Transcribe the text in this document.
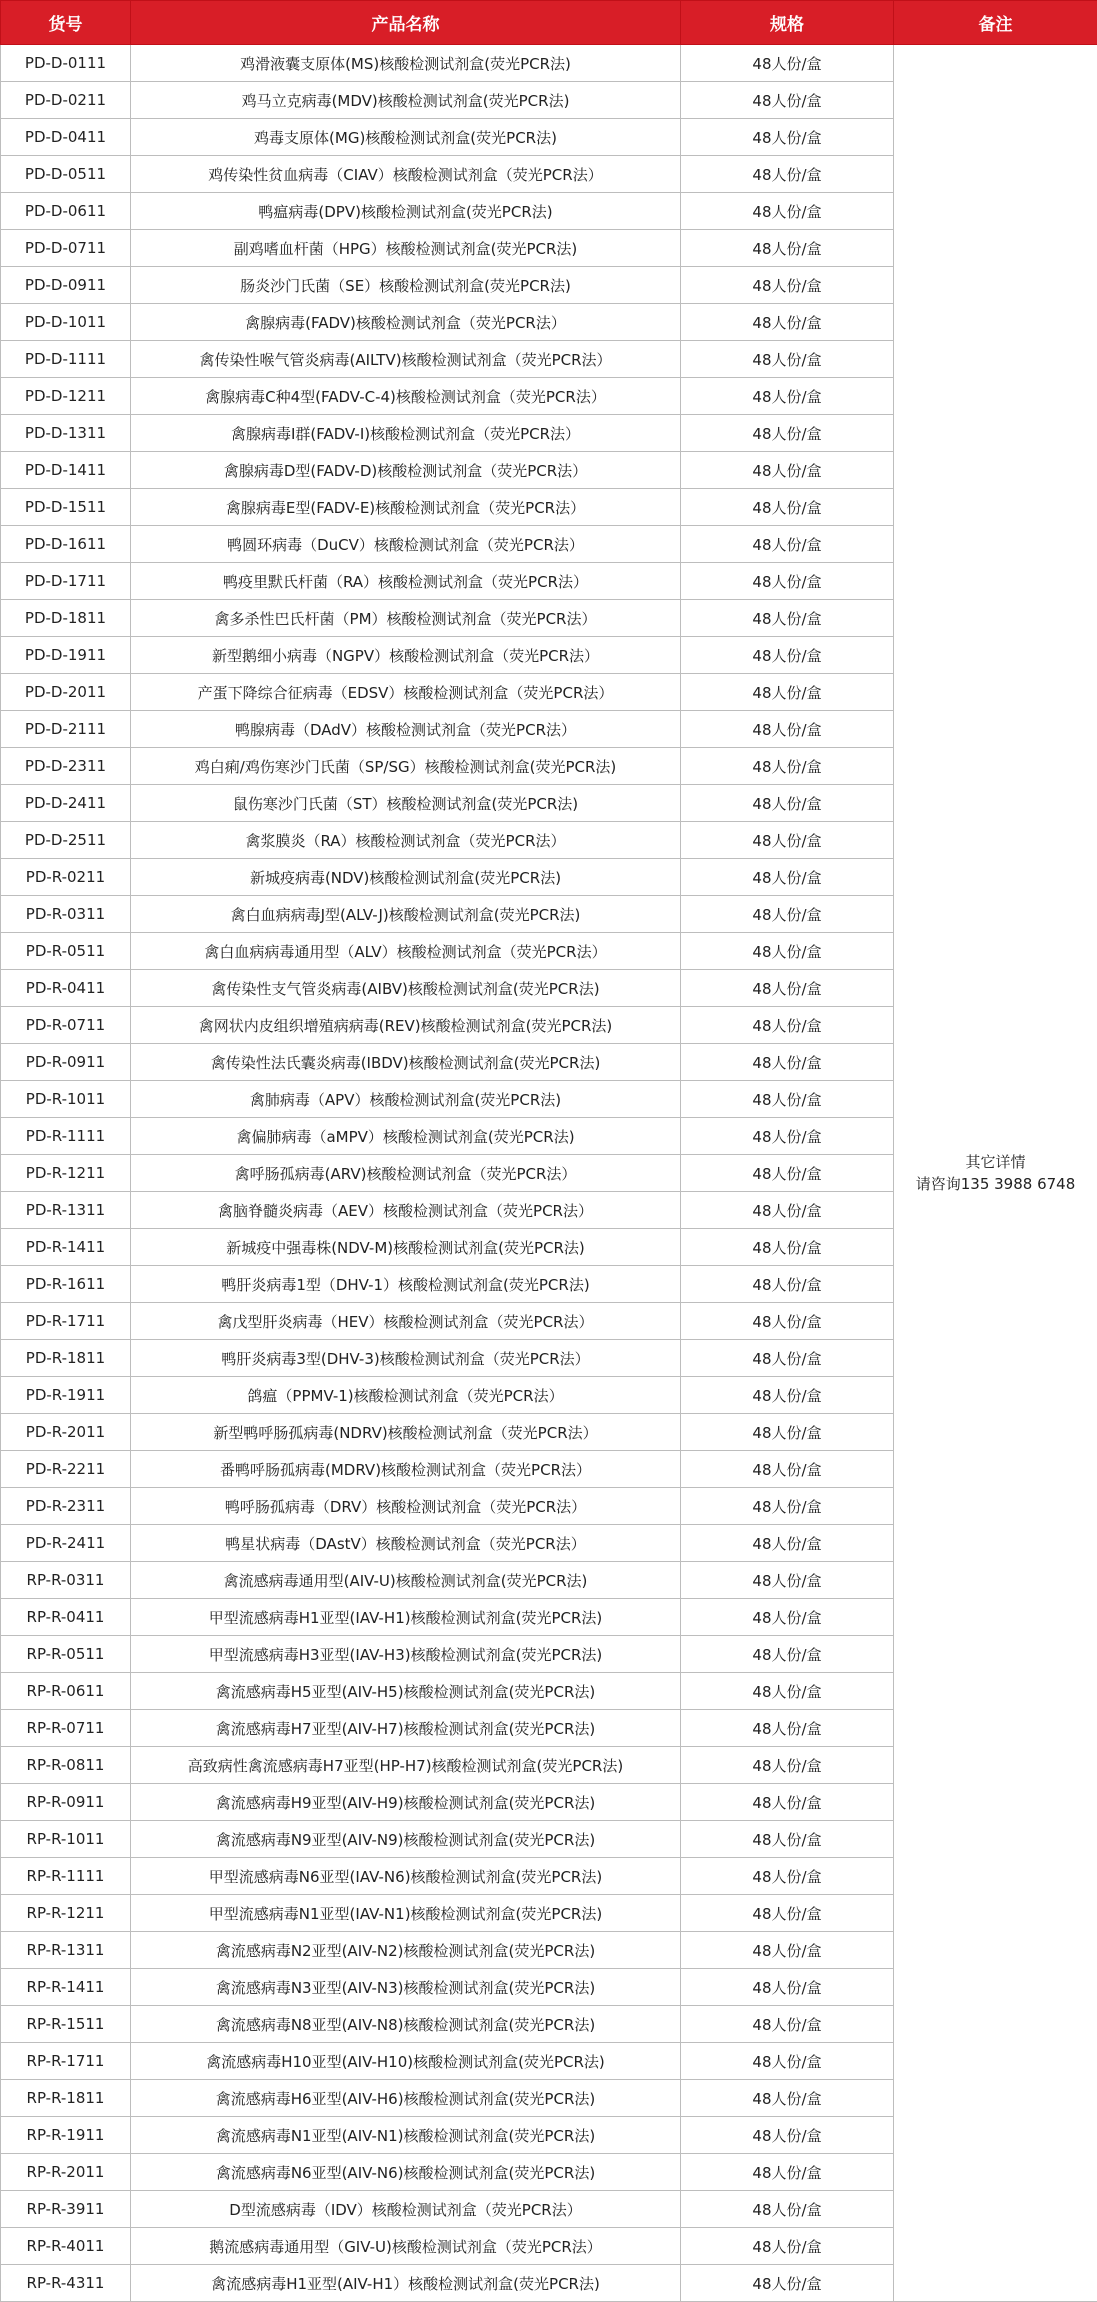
货号	产品名称	规格	备注
PD-D-0111	鸡滑液囊支原体(MS)核酸检测试剂盒(荧光PCR法)	48人份/盒	其它详情
请咨询135 3988 6748

PD-D-0211	鸡马立克病毒(MDV)核酸检测试剂盒(荧光PCR法)	48人份/盒	
PD-D-0411	鸡毒支原体(MG)核酸检测试剂盒(荧光PCR法)	48人份/盒	
PD-D-0511	鸡传染性贫血病毒（CIAV）核酸检测试剂盒（荧光PCR法）	48人份/盒	
PD-D-0611	鸭瘟病毒(DPV)核酸检测试剂盒(荧光PCR法)	48人份/盒	
PD-D-0711	副鸡嗜血杆菌（HPG）核酸检测试剂盒(荧光PCR法)	48人份/盒	
PD-D-0911	肠炎沙门氏菌（SE）核酸检测试剂盒(荧光PCR法)	48人份/盒	
PD-D-1011	禽腺病毒(FADV)核酸检测试剂盒（荧光PCR法）	48人份/盒	
PD-D-1111	禽传染性喉气管炎病毒(AILTV)核酸检测试剂盒（荧光PCR法）	48人份/盒	
PD-D-1211	禽腺病毒C种4型(FADV-C-4)核酸检测试剂盒（荧光PCR法）	48人份/盒	
PD-D-1311	禽腺病毒I群(FADV-I)核酸检测试剂盒（荧光PCR法）	48人份/盒	
PD-D-1411	禽腺病毒D型(FADV-D)核酸检测试剂盒（荧光PCR法）	48人份/盒	
PD-D-1511	禽腺病毒E型(FADV-E)核酸检测试剂盒（荧光PCR法）	48人份/盒	
PD-D-1611	鸭圆环病毒（DuCV）核酸检测试剂盒（荧光PCR法）	48人份/盒	
PD-D-1711	鸭疫里默氏杆菌（RA）核酸检测试剂盒（荧光PCR法）	48人份/盒	
PD-D-1811	禽多杀性巴氏杆菌（PM）核酸检测试剂盒（荧光PCR法）	48人份/盒	
PD-D-1911	新型鹅细小病毒（NGPV）核酸检测试剂盒（荧光PCR法）	48人份/盒	
PD-D-2011	产蛋下降综合征病毒（EDSV）核酸检测试剂盒（荧光PCR法）	48人份/盒	
PD-D-2111	鸭腺病毒（DAdV）核酸检测试剂盒（荧光PCR法）	48人份/盒	
PD-D-2311	鸡白痢/鸡伤寒沙门氏菌（SP/SG）核酸检测试剂盒(荧光PCR法)	48人份/盒	
PD-D-2411	鼠伤寒沙门氏菌（ST）核酸检测试剂盒(荧光PCR法)	48人份/盒	
PD-D-2511	禽浆膜炎（RA）核酸检测试剂盒（荧光PCR法）	48人份/盒	
PD-R-0211	新城疫病毒(NDV)核酸检测试剂盒(荧光PCR法)	48人份/盒	
PD-R-0311	禽白血病病毒J型(ALV-J)核酸检测试剂盒(荧光PCR法)	48人份/盒	
PD-R-0511	禽白血病病毒通用型（ALV）核酸检测试剂盒（荧光PCR法）	48人份/盒	
PD-R-0411	禽传染性支气管炎病毒(AIBV)核酸检测试剂盒(荧光PCR法)	48人份/盒	
PD-R-0711	禽网状内皮组织增殖病病毒(REV)核酸检测试剂盒(荧光PCR法)	48人份/盒	
PD-R-0911	禽传染性法氏囊炎病毒(IBDV)核酸检测试剂盒(荧光PCR法)	48人份/盒	
PD-R-1011	禽肺病毒（APV）核酸检测试剂盒(荧光PCR法)	48人份/盒	
PD-R-1111	禽偏肺病毒（aMPV）核酸检测试剂盒(荧光PCR法)	48人份/盒	
PD-R-1211	禽呼肠孤病毒(ARV)核酸检测试剂盒（荧光PCR法）	48人份/盒	
PD-R-1311	禽脑脊髓炎病毒（AEV）核酸检测试剂盒（荧光PCR法）	48人份/盒	
PD-R-1411	新城疫中强毒株(NDV-M)核酸检测试剂盒(荧光PCR法)	48人份/盒	
PD-R-1611	鸭肝炎病毒1型（DHV-1）核酸检测试剂盒(荧光PCR法)	48人份/盒	
PD-R-1711	禽戊型肝炎病毒（HEV）核酸检测试剂盒（荧光PCR法）	48人份/盒	
PD-R-1811	鸭肝炎病毒3型(DHV-3)核酸检测试剂盒（荧光PCR法）	48人份/盒	
PD-R-1911	鸽瘟（PPMV-1)核酸检测试剂盒（荧光PCR法）	48人份/盒	
PD-R-2011	新型鸭呼肠孤病毒(NDRV)核酸检测试剂盒（荧光PCR法）	48人份/盒	
PD-R-2211	番鸭呼肠孤病毒(MDRV)核酸检测试剂盒（荧光PCR法）	48人份/盒	
PD-R-2311	鸭呼肠孤病毒（DRV）核酸检测试剂盒（荧光PCR法）	48人份/盒	
PD-R-2411	鸭星状病毒（DAstV）核酸检测试剂盒（荧光PCR法）	48人份/盒	
RP-R-0311	禽流感病毒通用型(AIV-U)核酸检测试剂盒(荧光PCR法)	48人份/盒	
RP-R-0411	甲型流感病毒H1亚型(IAV-H1)核酸检测试剂盒(荧光PCR法)	48人份/盒	
RP-R-0511	甲型流感病毒H3亚型(IAV-H3)核酸检测试剂盒(荧光PCR法)	48人份/盒	
RP-R-0611	禽流感病毒H5亚型(AIV-H5)核酸检测试剂盒(荧光PCR法)	48人份/盒	
RP-R-0711	禽流感病毒H7亚型(AIV-H7)核酸检测试剂盒(荧光PCR法)	48人份/盒	
RP-R-0811	高致病性禽流感病毒H7亚型(HP-H7)核酸检测试剂盒(荧光PCR法)	48人份/盒	
RP-R-0911	禽流感病毒H9亚型(AIV-H9)核酸检测试剂盒(荧光PCR法)	48人份/盒	
RP-R-1011	禽流感病毒N9亚型(AIV-N9)核酸检测试剂盒(荧光PCR法)	48人份/盒	
RP-R-1111	甲型流感病毒N6亚型(IAV-N6)核酸检测试剂盒(荧光PCR法)	48人份/盒	
RP-R-1211	甲型流感病毒N1亚型(IAV-N1)核酸检测试剂盒(荧光PCR法)	48人份/盒	
RP-R-1311	禽流感病毒N2亚型(AIV-N2)核酸检测试剂盒(荧光PCR法)	48人份/盒	
RP-R-1411	禽流感病毒N3亚型(AIV-N3)核酸检测试剂盒(荧光PCR法)	48人份/盒	
RP-R-1511	禽流感病毒N8亚型(AIV-N8)核酸检测试剂盒(荧光PCR法)	48人份/盒	
RP-R-1711	禽流感病毒H10亚型(AIV-H10)核酸检测试剂盒(荧光PCR法)	48人份/盒	
RP-R-1811	禽流感病毒H6亚型(AIV-H6)核酸检测试剂盒(荧光PCR法)	48人份/盒	
RP-R-1911	禽流感病毒N1亚型(AIV-N1)核酸检测试剂盒(荧光PCR法)	48人份/盒	
RP-R-2011	禽流感病毒N6亚型(AIV-N6)核酸检测试剂盒(荧光PCR法)	48人份/盒	
RP-R-3911	D型流感病毒（IDV）核酸检测试剂盒（荧光PCR法）	48人份/盒	
RP-R-4011	鹅流感病毒通用型（GIV-U)核酸检测试剂盒（荧光PCR法）	48人份/盒	
RP-R-4311	禽流感病毒H1亚型(AIV-H1）核酸检测试剂盒(荧光PCR法)	48人份/盒	
